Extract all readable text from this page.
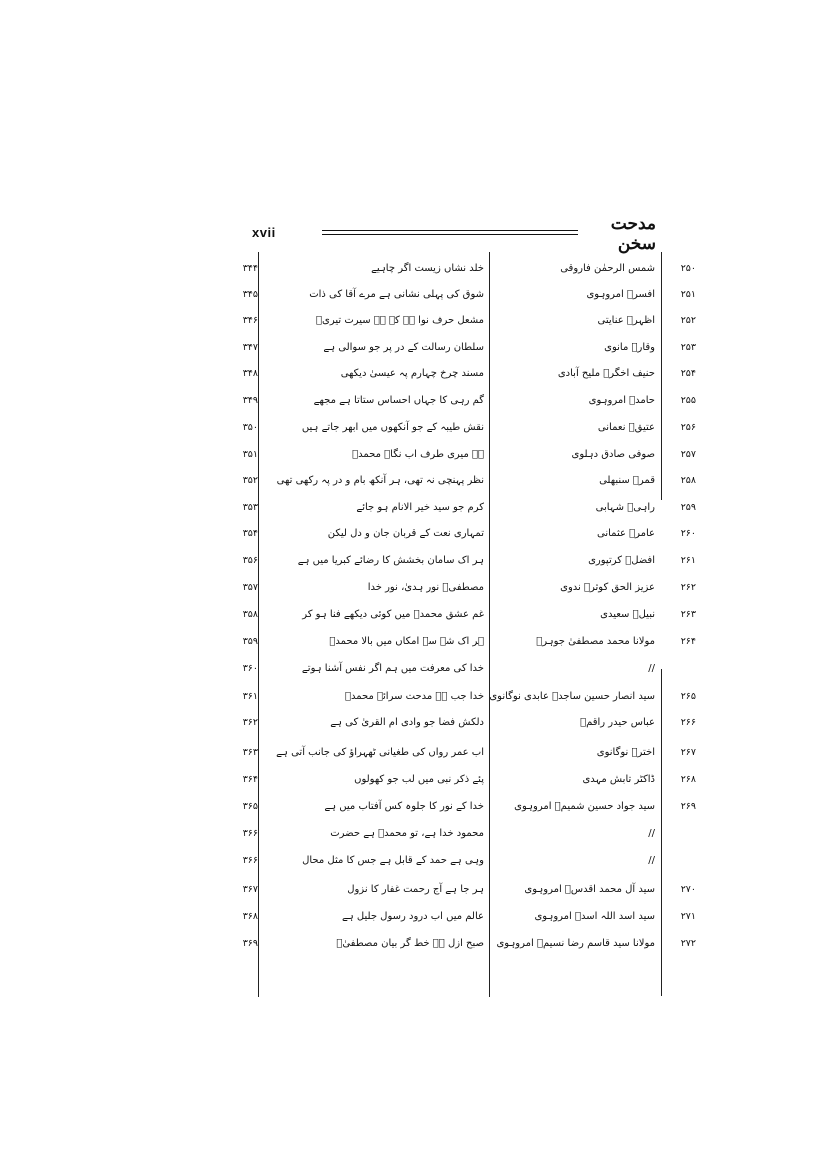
xvii	مدحت سخن
۲۵۰
شمس الرحمٰن فاروقی
خلد نشاں زیست اگر چاہیے
۳۴۴
۲۵۱
افسرؔ امروہوی
شوق کی پہلی نشانی ہے مرے آقا کی ذات
۳۴۵
۲۵۲
اظہرؔ عنایتی
مشعل حرف نوا ہے کہ ہے سیرت تیریؐ
۳۴۶
۲۵۳
وقارؔ مانوی
سلطان رسالت کے در پر جو سوالی ہے
۳۴۷
۲۵۴
حنیف اخگرؔ ملیح آبادی
مسند چرخ چہارم پہ عیسیٰ دیکھی
۳۴۸
۲۵۵
حامدؔ امروہوی
گم رہی کا جہاں احساس ستاتا ہے مجھے
۳۴۹
۲۵۶
عتیقؔ نعمانی
نقش طیبہ کے جو آنکھوں میں ابھر جاتے ہیں
۳۵۰
۲۵۷
صوفی صادق دہلوی
ہے میری طرف اب نگاہ محمدؐ
۳۵۱
۲۵۸
قمرؔ سنبھلی
نظر پہنچی نہ تھی، ہر آنکھ بام و در پہ رکھی تھی
۳۵۲
۲۵۹
راہیؔ شہابی
کرم جو سید خیر الانام ہو جائے
۳۵۳
۲۶۰
عامرؔ عثمانی
تمہاری نعت کے قربان جان و دل لیکن
۳۵۴
۲۶۱
افضلؔ کرتپوری
ہر اک سامان بخشش کا رضائے کبریا میں ہے
۳۵۶
۲۶۲
عزیز الحق کوثرؔ ندوی
مصطفیؐ نور ہدیٰ، نور خدا
۳۵۷
۲۶۳
نبیلؔ سعیدی
غم عشق محمدؐ میں کوئی دیکھے فنا ہو کر
۳۵۸
۲۶۴
مولانا محمد مصطفیٰ جوہرؔ
ہر اک شے سے امکاں میں بالا محمدؐ
۳۵۹
//
خدا کی معرفت میں ہم اگر نفس آشنا ہوتے
۳۶۰
۲۶۵
سید انصار حسین ساجدؔ عابدی نوگانوی
خدا جب ہے مدحت سرائے محمدؐ
۳۶۱
۲۶۶
عباس حیدر راقمؔ
دلکش فضا جو وادی ام القریٰ کی ہے
۳۶۲
۲۶۷
اخترؔ نوگانوی
اب عمر رواں کی طغیانی ٹھہراؤ کی جانب آتی ہے
۳۶۳
۲۶۸
ڈاکٹر تابش مہدی
پئے ذکر نبی میں لب جو کھولوں
۳۶۴
۲۶۹
سید جواد حسین شمیمؔ امروہوی
خدا کے نور کا جلوہ کس آفتاب میں ہے
۳۶۵
//
محمود خدا ہے، تو محمدؐ ہے حضرت
۳۶۶
//
وہی ہے حمد کے قابل ہے جس کا مثل محال
۳۶۶
۲۷۰
سید آل محمد اقدسؔ امروہوی
ہر جا ہے آج رحمت غفار کا نزول
۳۶۷
۲۷۱
سید اسد اللہ اسدؔ امروہوی
عالم میں اب درود رسول جلیل ہے
۳۶۸
۲۷۲
مولانا سید قاسم رضا نسیمؔ امروہوی
صبح ازل ہے خط گر بیان مصطفیٰؐ
۳۶۹
